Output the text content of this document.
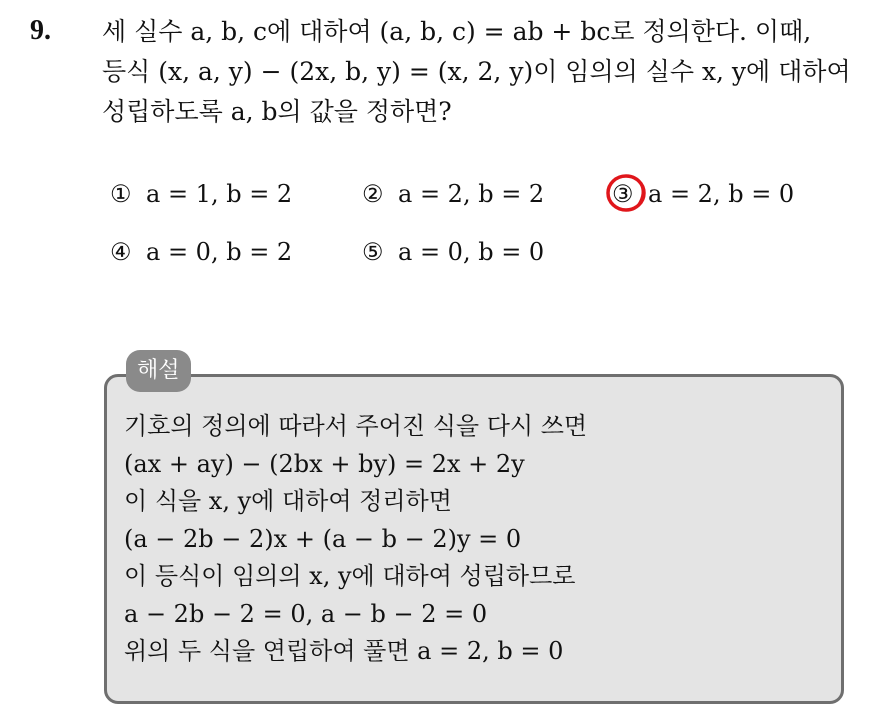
9. 세 실수 a, b, c에 대하여 (a, b, c) = ab + bc로 정의한다. 이때,
등식 (x, a, y) − (2x, b, y) = (x, 2, y)이 임의의 실수 x, y에 대하여
성립하도록 a, b의 값을 정하면?
① a = 1, b = 2	② a = 2, b = 2	③ a = 2, b = 0
④ a = 0, b = 2	⑤ a = 0, b = 0
해설
기호의 정의에 따라서 주어진 식을 다시 쓰면
(ax + ay) − (2bx + by) = 2x + 2y
이 식을 x, y에 대하여 정리하면
(a − 2b − 2)x + (a − b − 2)y = 0
이 등식이 임의의 x, y에 대하여 성립하므로
a − 2b − 2 = 0, a − b − 2 = 0
위의 두 식을 연립하여 풀면 a = 2, b = 0
